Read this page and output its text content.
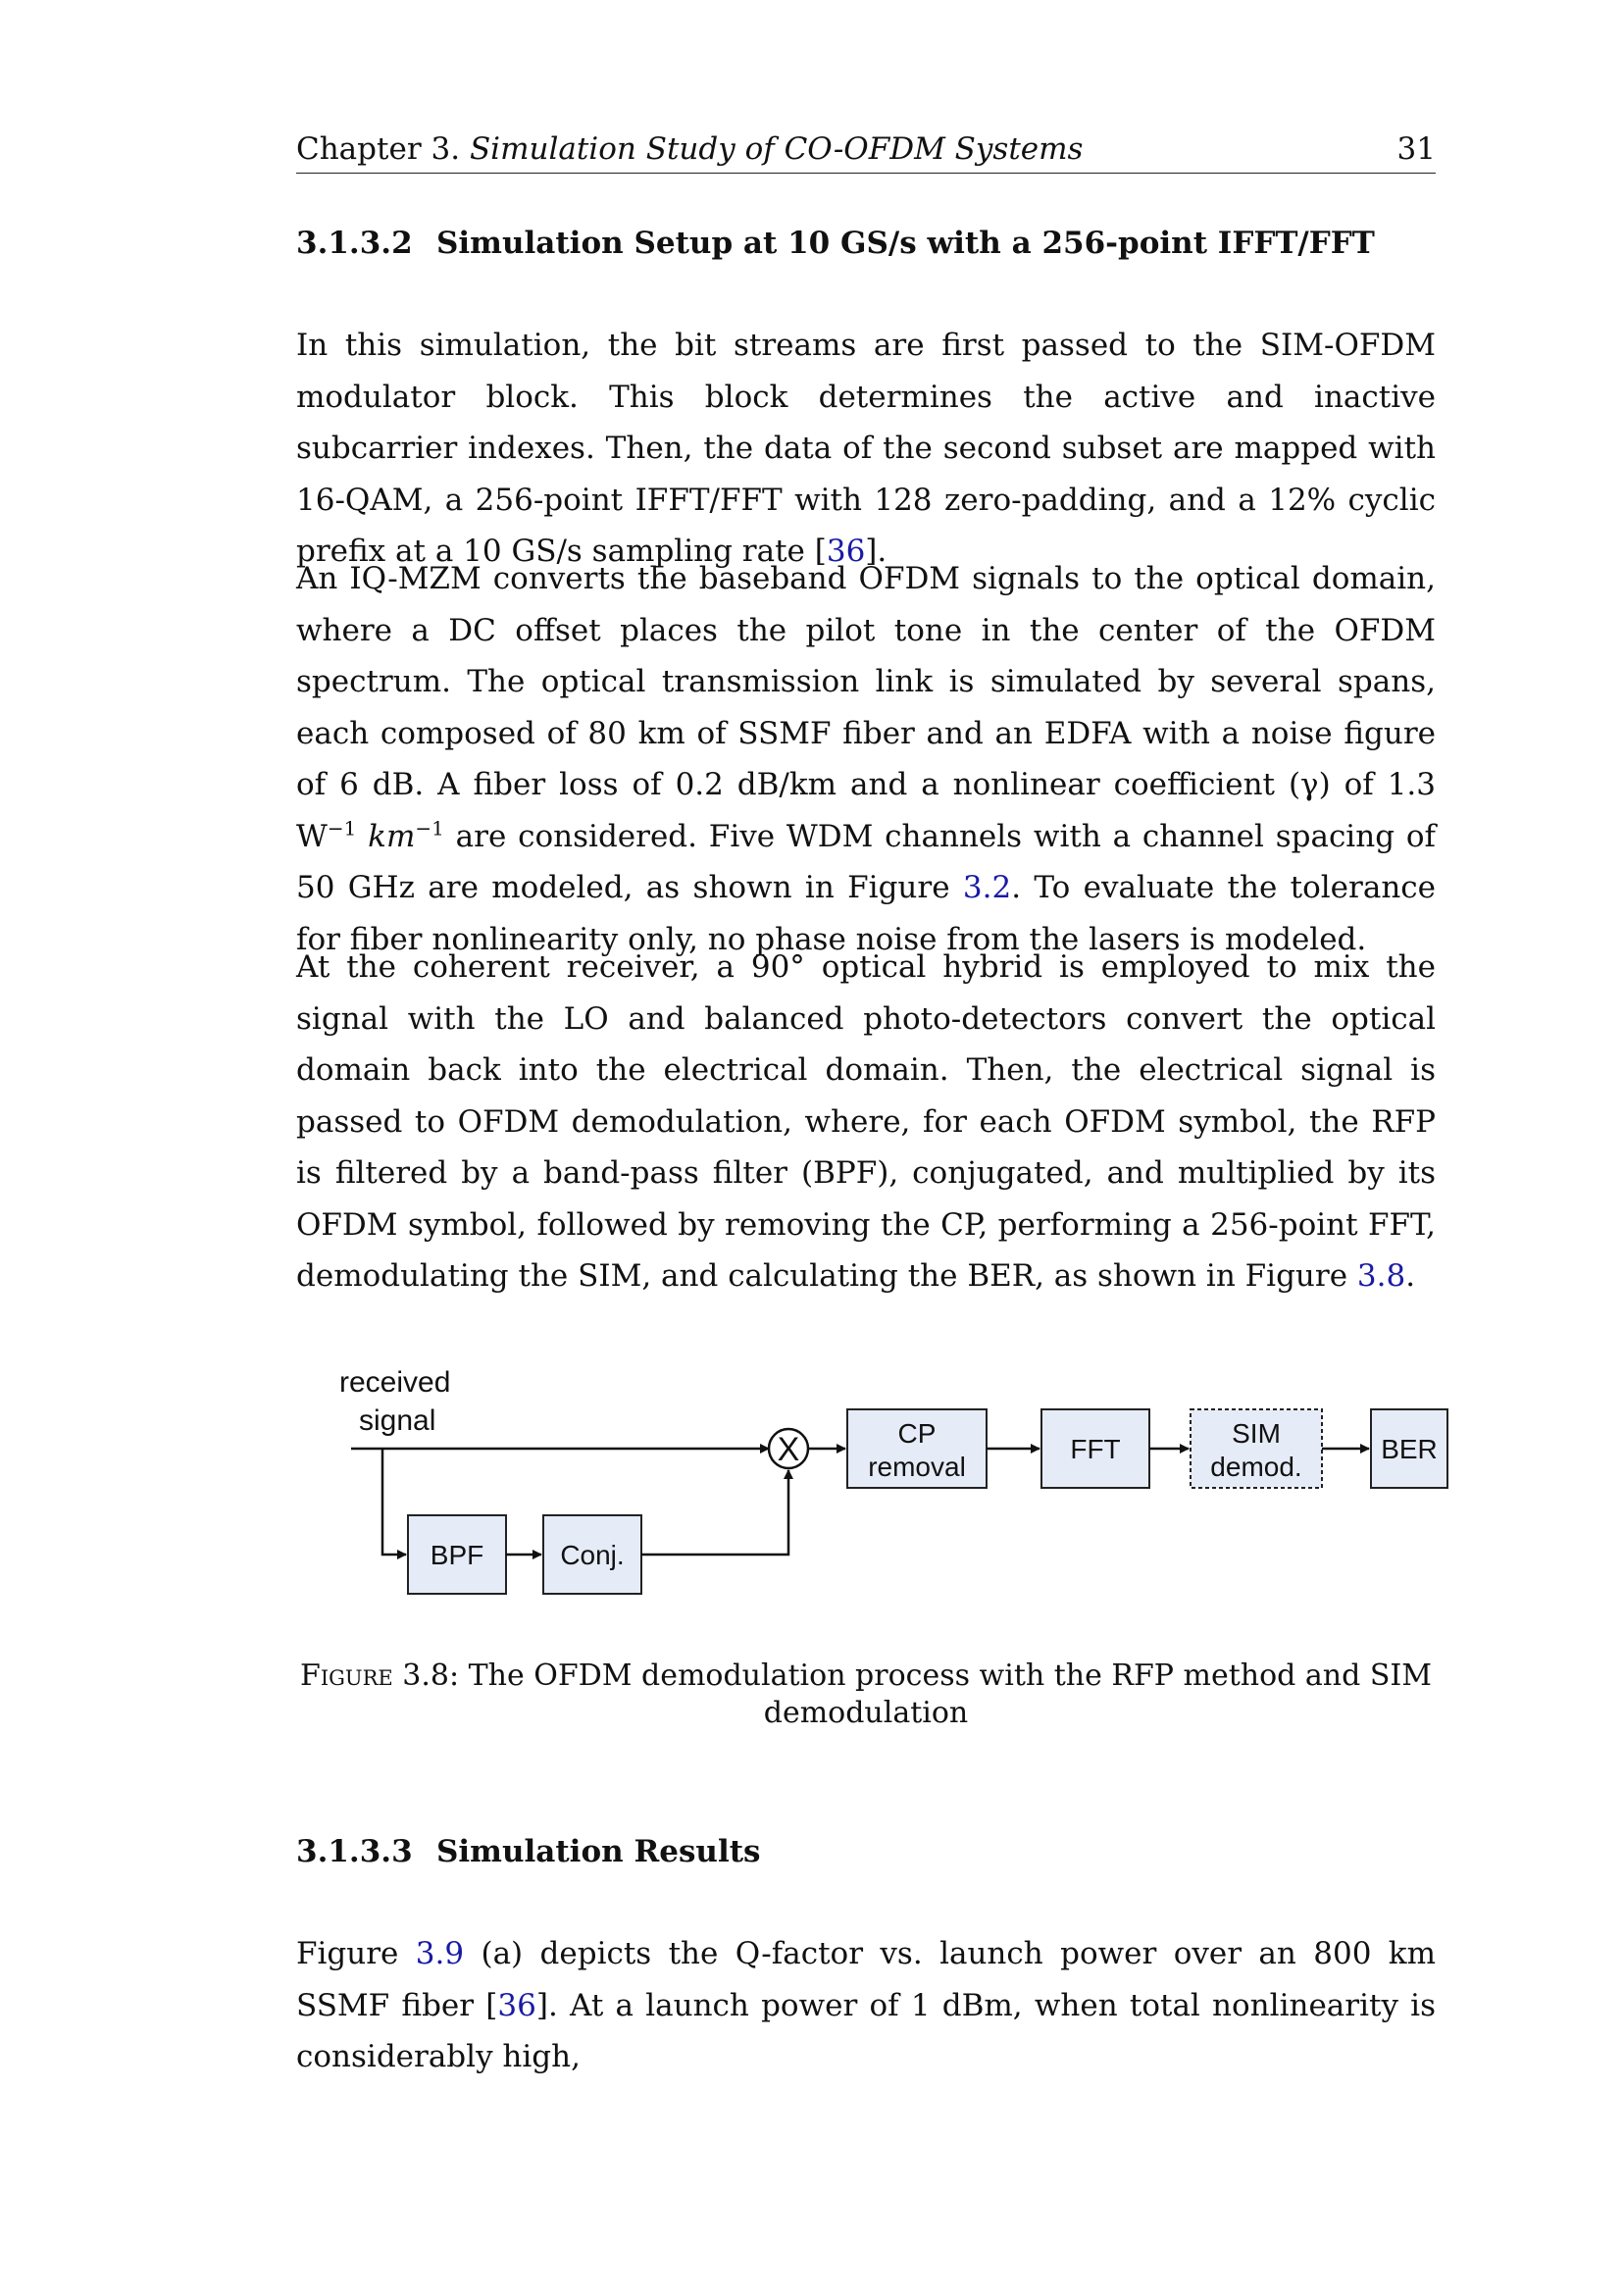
Chapter 3. Simulation Study of CO-OFDM Systems	31
3.1.3.2 Simulation Setup at 10 GS/s with a 256-point IFFT/FFT

In this simulation, the bit streams are first passed to the SIM-OFDM modulator block. This block determines the active and inactive subcarrier indexes. Then, the data of the second subset are mapped with 16-QAM, a 256-point IFFT/FFT with 128 zero-padding, and a 12% cyclic prefix at a 10 GS/s sampling rate [36].

An IQ-MZM converts the baseband OFDM signals to the optical domain, where a DC offset places the pilot tone in the center of the OFDM spectrum. The optical transmission link is simulated by several spans, each composed of 80 km of SSMF fiber and an EDFA with a noise figure of 6 dB. A fiber loss of 0.2 dB/km and a nonlinear coefficient (γ) of 1.3 $W^{-1}$ $km^{-1}$ are considered. Five WDM channels with a channel spacing of 50 GHz are modeled, as shown in Figure 3.2. To evaluate the tolerance for fiber nonlinearity only, no phase noise from the lasers is modeled.

At the coherent receiver, a 90° optical hybrid is employed to mix the signal with the LO and balanced photo-detectors convert the optical domain back into the electrical domain. Then, the electrical signal is passed to OFDM demodulation, where, for each OFDM symbol, the RFP is filtered by a band-pass filter (BPF), conjugated, and multiplied by its OFDM symbol, followed by removing the CP, performing a 256-point FFT, demodulating the SIM, and calculating the BER, as shown in Figure 3.8.

received
signal
X
BPF	Conj.
CP
removal
FFT
SIM
demod.
BER
Figure 3.8: The OFDM demodulation process with the RFP method and SIM
demodulation
3.1.3.3 Simulation Results

Figure 3.9 (a) depicts the Q-factor vs. launch power over an 800 km SSMF fiber [36]. At a launch power of 1 dBm, when total nonlinearity is considerably high,
